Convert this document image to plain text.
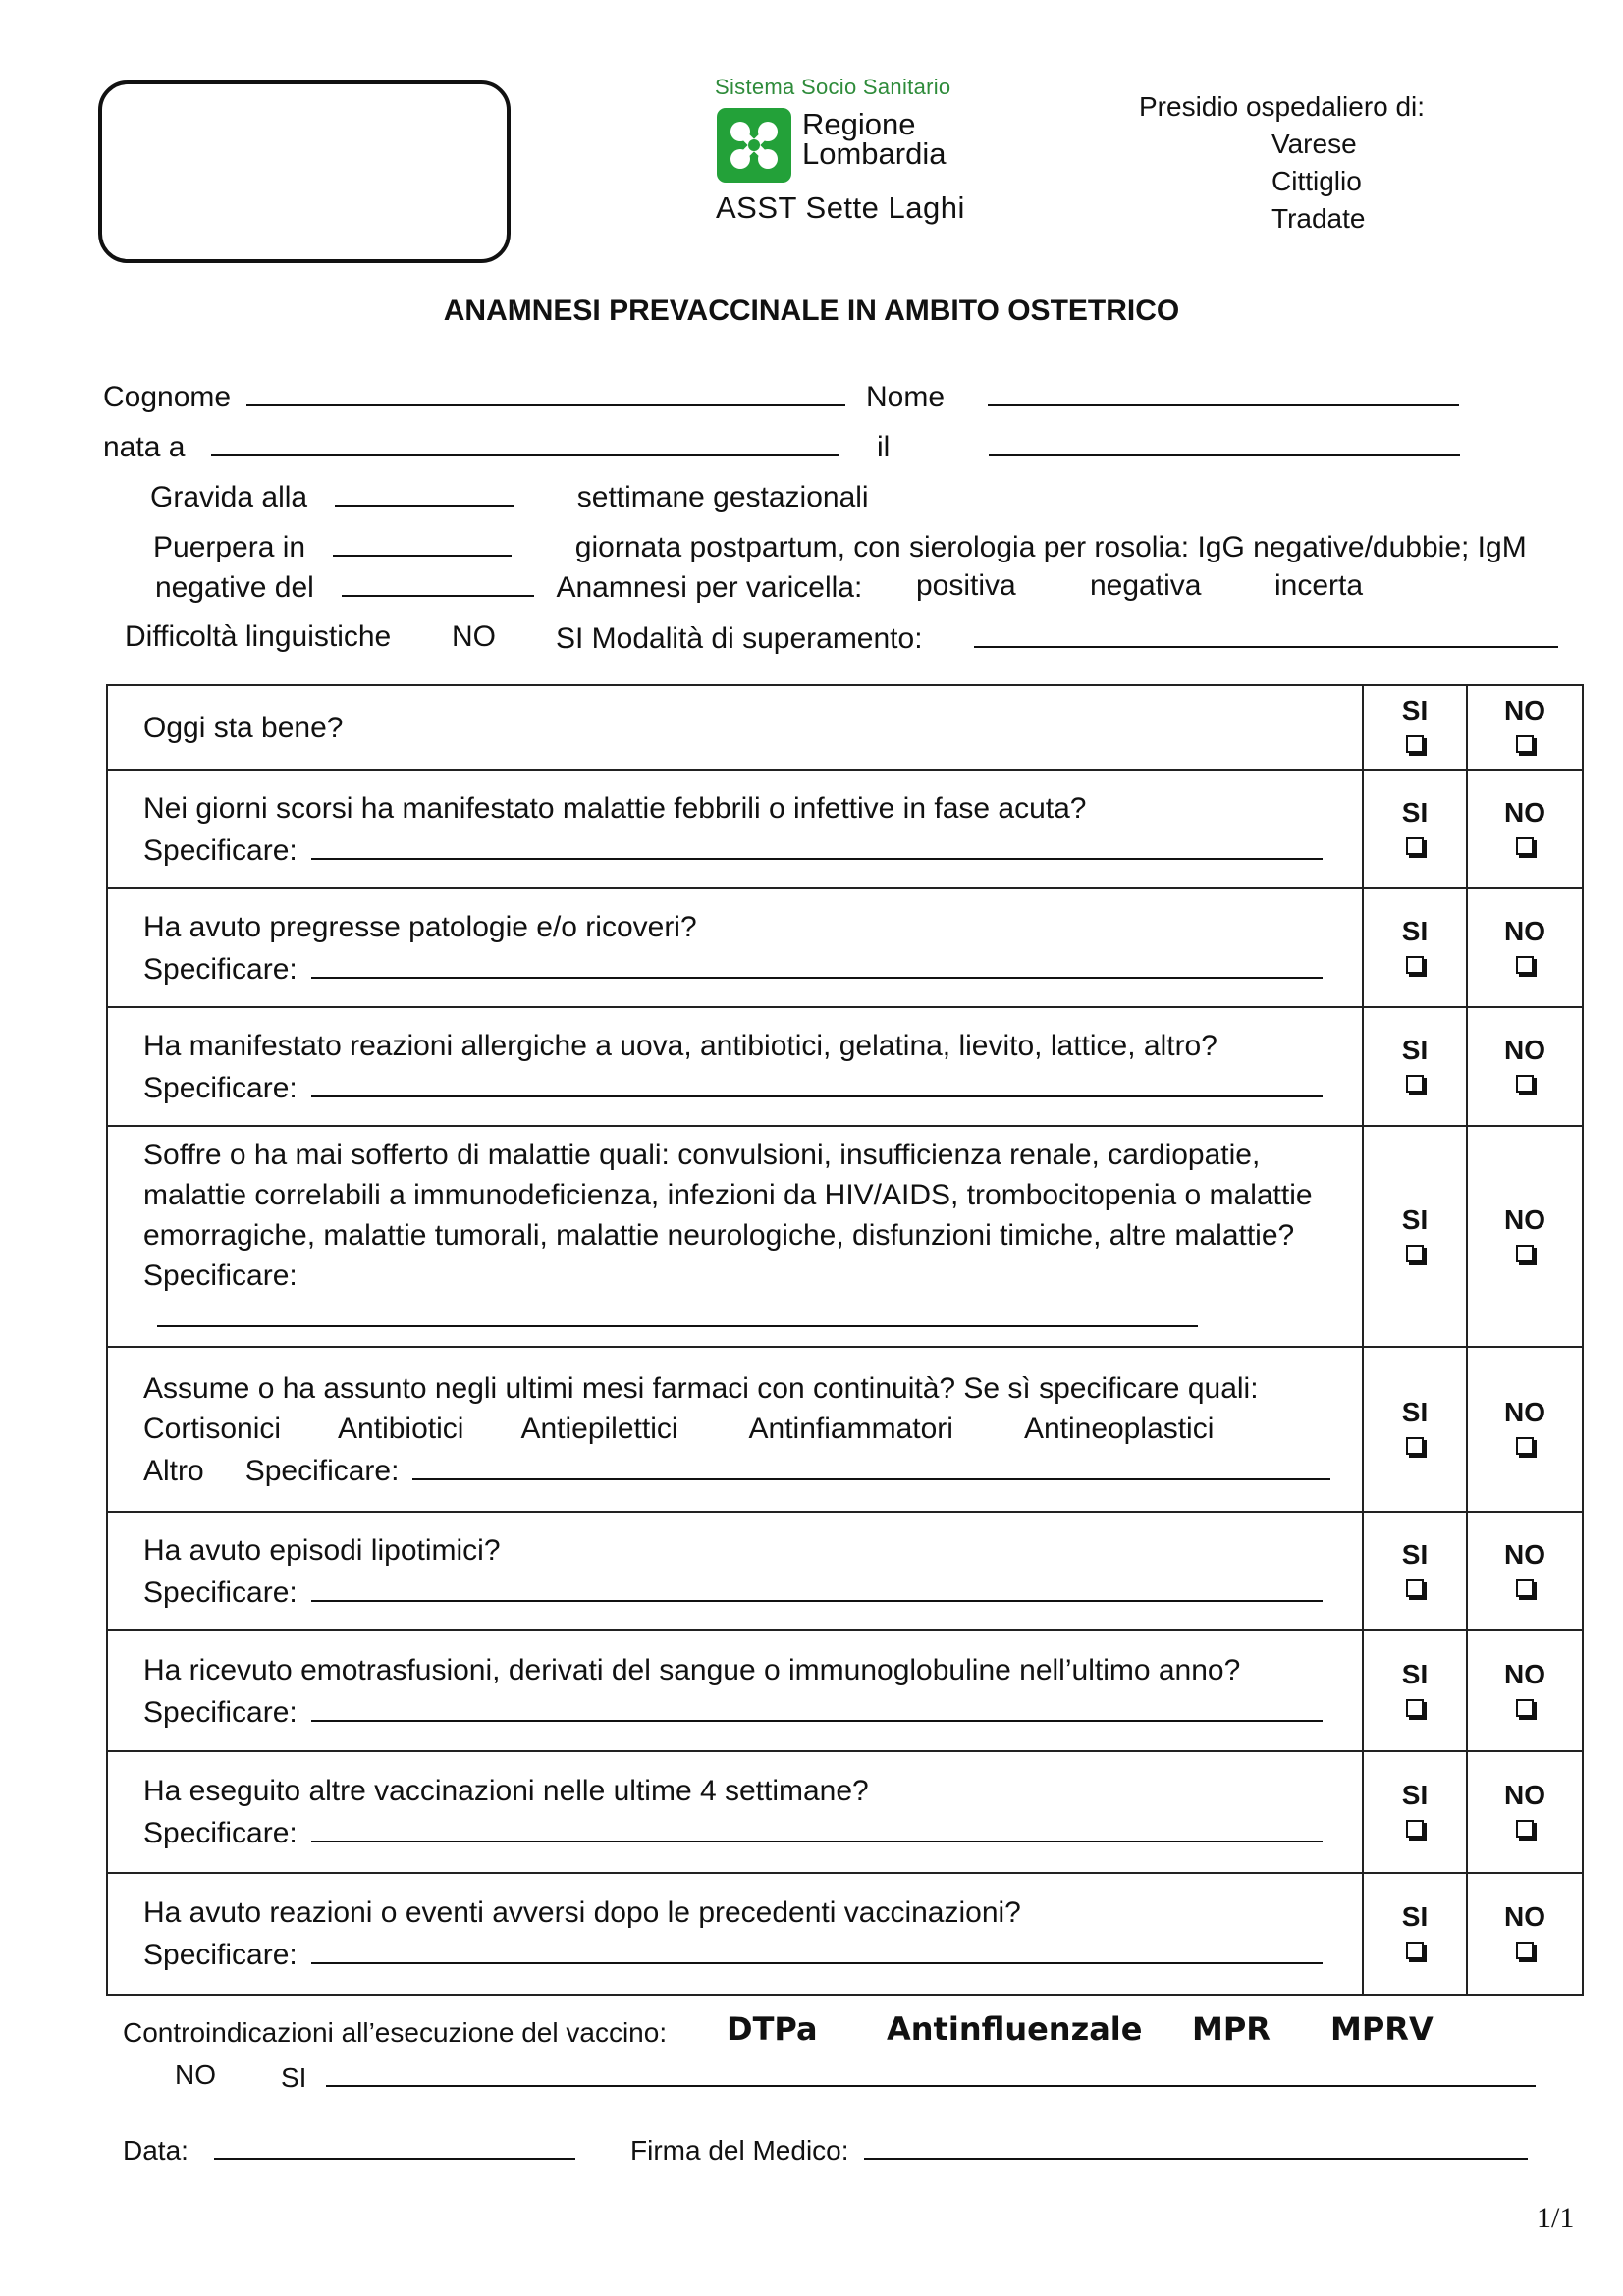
Sistema Socio Sanitario
Regione
Lombardia
ASST Sette Laghi
Presidio ospedaliero di:
Varese
Cittiglio
Tradate
ANAMNESI PREVACCINALE IN AMBITO OSTETRICO
Cognome	Nome
nata a	il
Gravida alla	settimane gestazionali
Puerpera in	giornata postpartum, con sierologia per rosolia: IgG negative/dubbie; IgM
negative del	Anamnesi per varicella: positiva	negativa incerta
Difficoltà linguistiche NO SI Modalità di superamento:
Oggi sta bene?	SI	NO

Nei giorni scorsi ha manifestato malattie febbrili o infettive in fase acuta?
Specificare:	SI	NO

Ha avuto pregresse patologie e/o ricoveri?
Specificare:	SI	NO

Ha manifestato reazioni allergiche a uova, antibiotici, gelatina, lievito, lattice, altro?
Specificare:	SI	NO

Soffre o ha mai sofferto di malattie quali: convulsioni, insufficienza renale, cardiopatie,
malattie correlabili a immunodeficienza, infezioni da HIV/AIDS, trombocitopenia o malattie
emorragiche, malattie tumorali, malattie neurologiche, disfunzioni timiche, altre malattie?
Specificare:	SI	NO

Assume o ha assunto negli ultimi mesi farmaci con continuità? Se sì specificare quali:
Cortisonici Antibiotici Antiepilettici Antinfiammatori Antineoplastici
Altro Specificare:	SI	NO

Ha avuto episodi lipotimici?
Specificare:	SI	NO

Ha ricevuto emotrasfusioni, derivati del sangue o immunoglobuline nell’ultimo anno?
Specificare:	SI	NO

Ha eseguito altre vaccinazioni nelle ultime 4 settimane?
Specificare:	SI	NO

Ha avuto reazioni o eventi avversi dopo le precedenti vaccinazioni?
Specificare:	SI	NO
Controindicazioni all’esecuzione del vaccino: DTPa Antinfluenzale MPR MPRV
NO SI
Data:	Firma del Medico:
1/1
